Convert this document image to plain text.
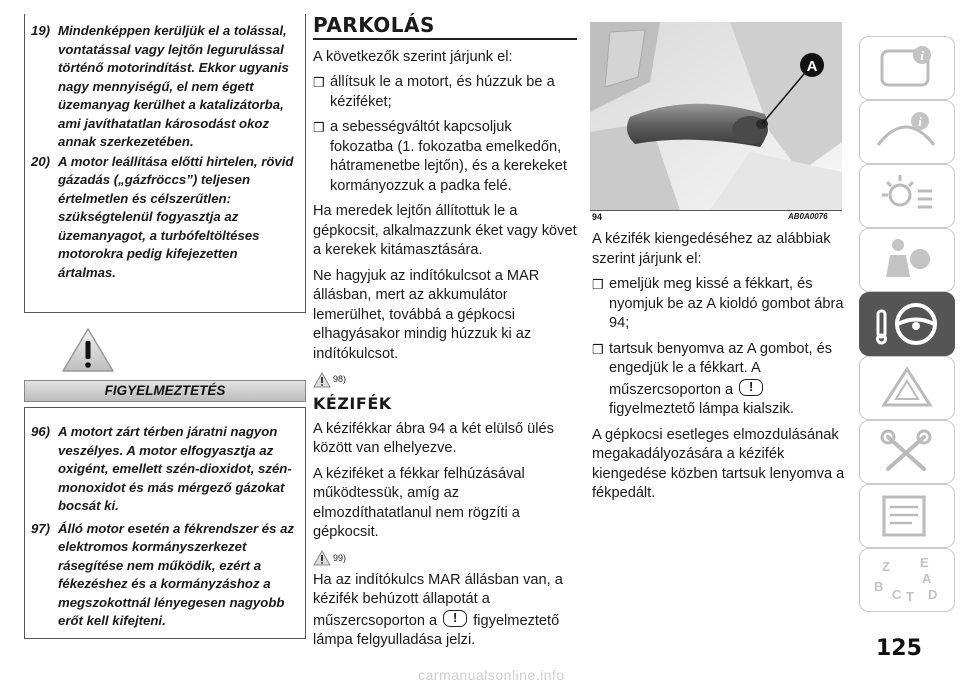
19) Mindenképpen kerüljük el a tolással, vontatással vagy lejtőn legurulással történő motorindítást. Ekkor ugyanis nagy mennyiségű, el nem égett üzemanyag kerülhet a katalizátorba, ami javíthatatlan károsodást okoz annak szerkezetében.
20) A motor leállítása előtti hirtelen, rövid gázadás („gázfröccs”) teljesen értelmetlen és célszerűtlen: szükségtelenül fogyasztja az üzemanyagot, a turbófeltöltéses motorokra pedig kifejezetten ártalmas.
FIGYELMEZTETÉS
96) A motort zárt térben járatni nagyon veszélyes. A motor elfogyasztja az oxigént, emellett szén-dioxidot, szén-monoxidot és más mérgező gázokat bocsát ki.
97) Álló motor esetén a fékrendszer és az elektromos kormányszerkezet rásegítése nem működik, ezért a fékezéshez és a kormányzáshoz a megszokottnál lényegesen nagyobb erőt kell kifejteni.
PARKOLÁS

A következők szerint járjunk el:

❒ állítsuk le a motort, és húzzuk be a kéziféket;
❒ a sebességváltót kapcsoljuk fokozatba (1. fokozatba emelkedőn, hátramenetbe lejtőn), és a kerekeket kormányozzuk a padka felé.

Ha meredek lejtőn állítottuk le a gépkocsit, alkalmazzunk éket vagy követ a kerekek kitámasztására.

Ne hagyjuk az indítókulcsot a MAR állásban, mert az akkumulátor lemerülhet, továbbá a gépkocsi elhagyásakor mindig húzzuk ki az indítókulcsot.

98)
KÉZIFÉK

A kézifékkar ábra 94 a két elülső ülés között van elhelyezve.

A kéziféket a fékkar felhúzásával működtessük, amíg az elmozdíthatatlanul nem rögzíti a gépkocsit.

99)

Ha az indítókulcs MAR állásban van, a kézifék behúzott állapotát a műszercsoporton a ! figyelmeztető lámpa felgyulladása jelzi.

A
94	AB0A0076

A kézifék kiengedéséhez az alábbiak szerint járjunk el:

❒ emeljük meg kissé a fékkart, és nyomjuk be az A kioldó gombot ábra 94;
❒ tartsuk benyomva az A gombot, és engedjük le a fékkart. A műszercsoporton a ! figyelmeztető lámpa kialszik.

A gépkocsi esetleges elmozdulásának megakadályozására a kézifék kiengedése közben tartsuk lenyomva a fékpedált.

i
i
Z E
A
B
C T D
125
carmanualsonline.info
